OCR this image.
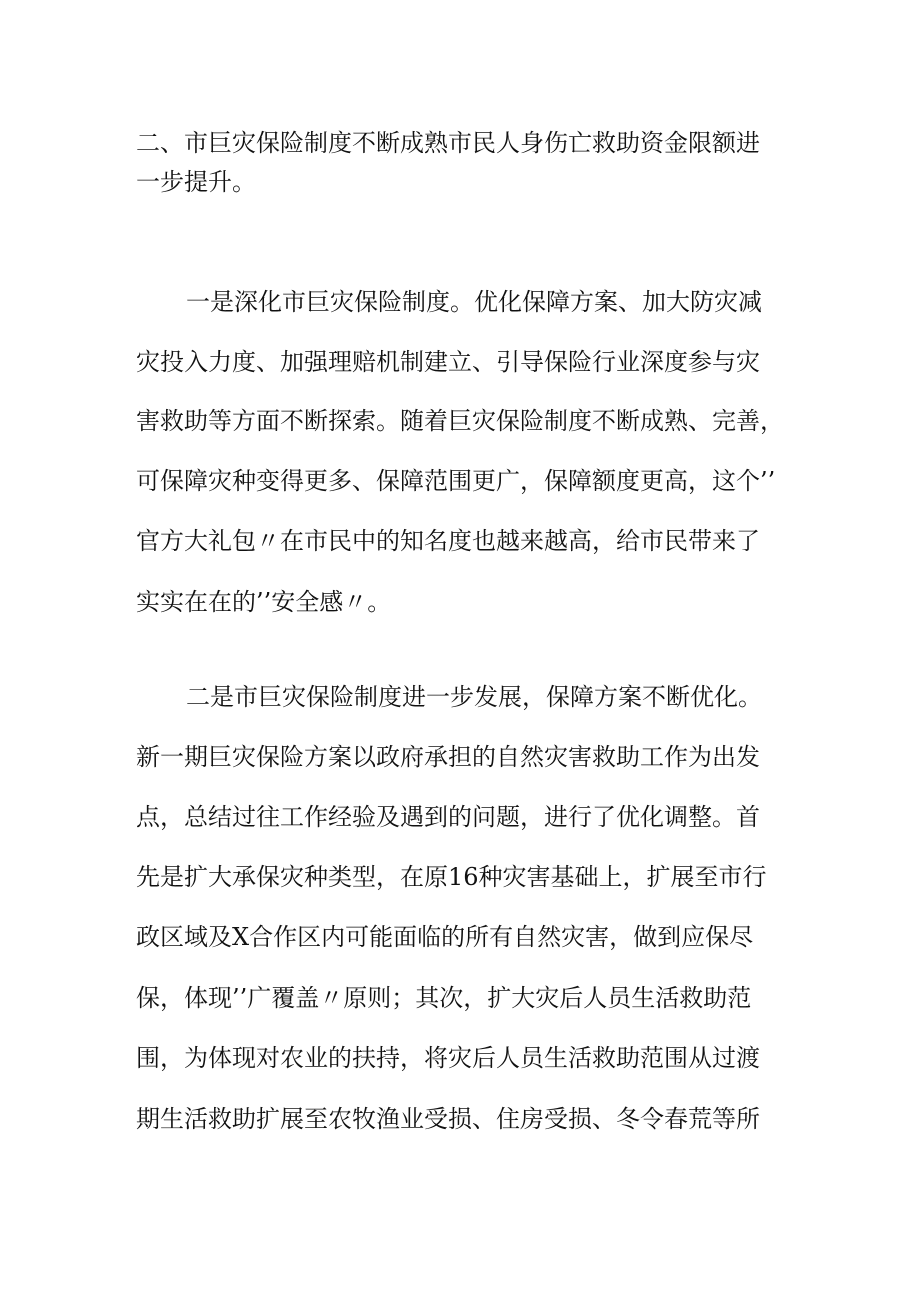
二、市巨灾保险制度不断成熟市民人身伤亡救助资金限额进
一步提升。
一是深化市巨灾保险制度。优化保障方案、加大防灾减
灾投入力度、加强理赔机制建立、引导保险行业深度参与灾
害救助等方面不断探索。随着巨灾保险制度不断成熟、完善，
可保障灾种变得更多、保障范围更广，保障额度更高，这个’’
官方大礼包〃在市民中的知名度也越来越高，给市民带来了
实实在在的’’安全感〃。
二是市巨灾保险制度进一步发展，保障方案不断优化。
新一期巨灾保险方案以政府承担的自然灾害救助工作为出发
点，总结过往工作经验及遇到的问题，进行了优化调整。首
先是扩大承保灾种类型，在原16种灾害基础上，扩展至市行
政区域及X合作区内可能面临的所有自然灾害，做到应保尽
保，体现’’广覆盖〃原则；其次，扩大灾后人员生活救助范
围，为体现对农业的扶持，将灾后人员生活救助范围从过渡
期生活救助扩展至农牧渔业受损、住房受损、冬令春荒等所
